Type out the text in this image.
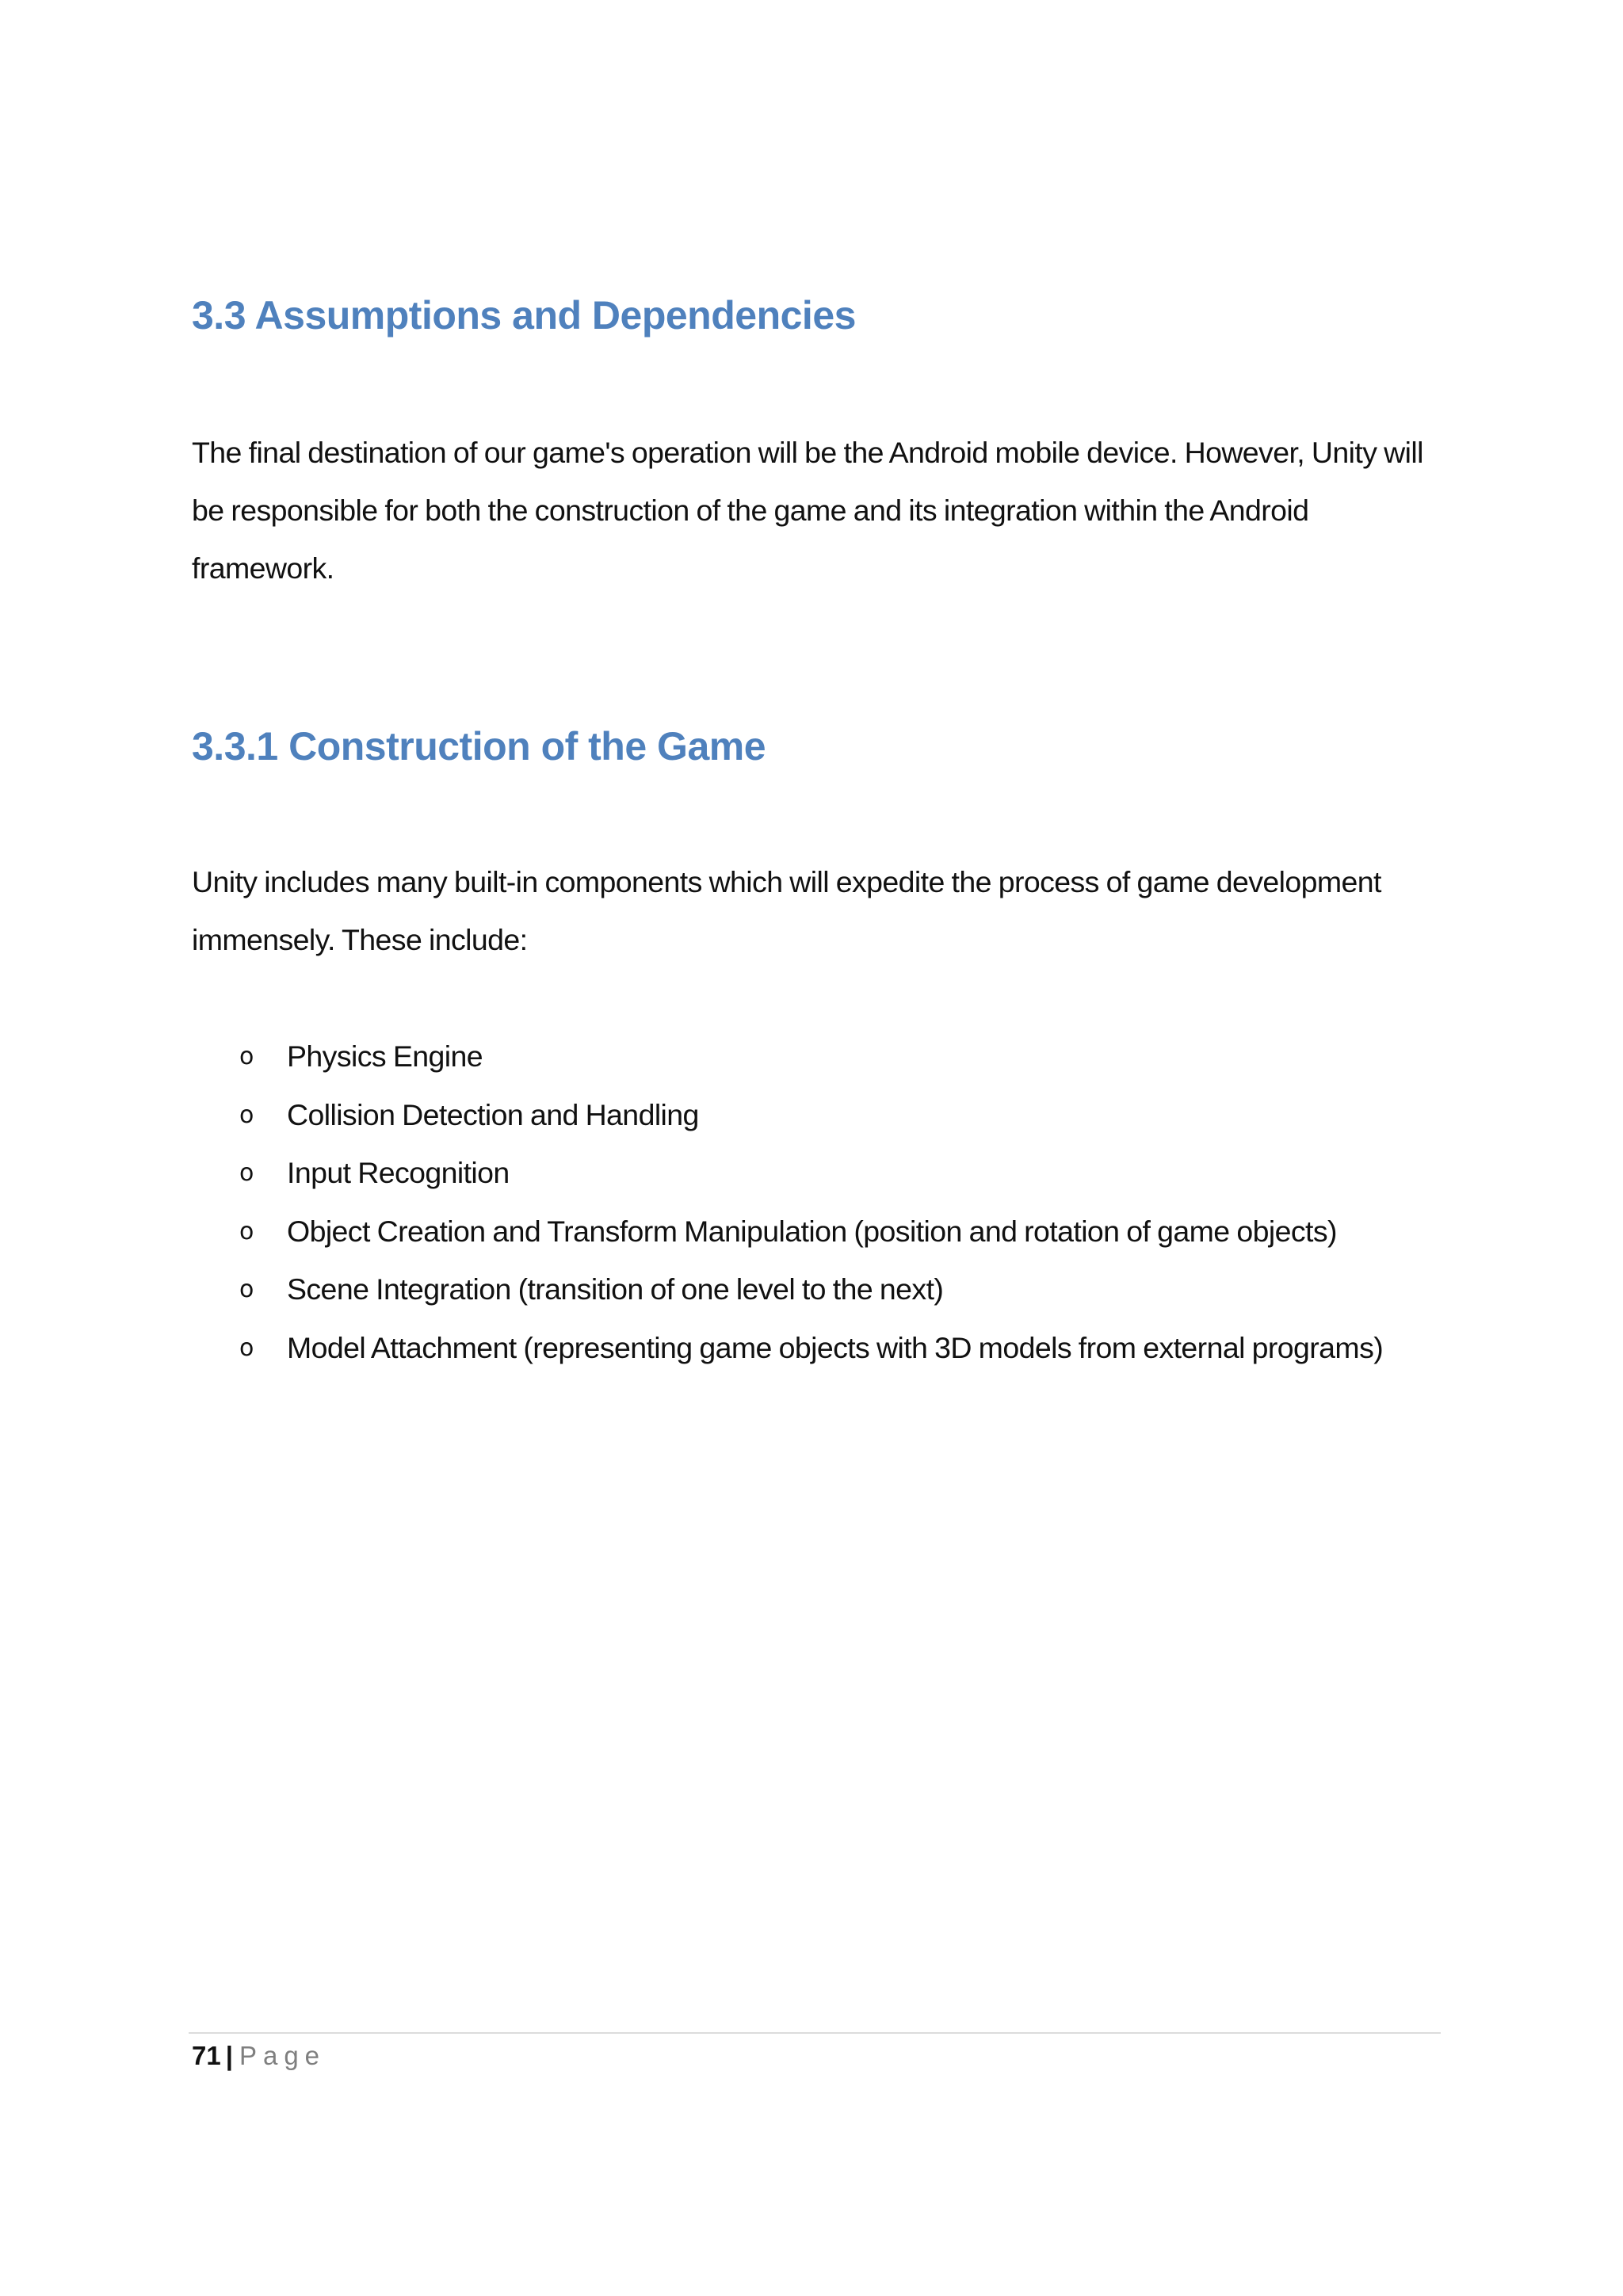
3.3 Assumptions and Dependencies

The final destination of our game's operation will be the Android mobile device. However, Unity will be responsible for both the construction of the game and its integration within the Android framework.

3.3.1 Construction of the Game

Unity includes many built-in components which will expedite the process of game development immensely. These include:

o Physics Engine
o Collision Detection and Handling
o Input Recognition
o Object Creation and Transform Manipulation (position and rotation of game objects)
o Scene Integration (transition of one level to the next)
o Model Attachment (representing game objects with 3D models from external programs)
71 | Page
